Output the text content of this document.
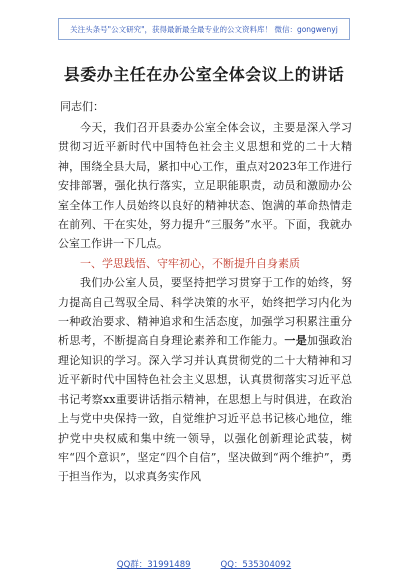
关注头条号"公文研究"，获得最新最全最专业的公文资料库！ 微信：gongwenyj
县委办主任在办公室全体会议上的讲话
同志们：

今天，我们召开县委办公室全体会议，主要是深入学习贯彻习近平新时代中国特色社会主义思想和党的二十大精神，围绕全县大局，紧扣中心工作，重点对2023年工作进行安排部署，强化执行落实，立足职能职责，动员和激励办公室全体工作人员始终以良好的精神状态、饱满的革命热情走在前列、干在实处，努力提升“三服务”水平。下面，我就办公室工作讲一下几点。

一、学思践悟、守牢初心，不断提升自身素质

我们办公室人员，要坚持把学习贯穿于工作的始终，努力提高自己驾驭全局、科学决策的水平，始终把学习内化为一种政治要求、精神追求和生活态度，加强学习积累注重分析思考，不断提高自身理论素养和工作能力。一是加强政治理论知识的学习。深入学习并认真贯彻党的二十大精神和习近平新时代中国特色社会主义思想，认真贯彻落实习近平总书记考察xx重要讲话指示精神，在思想上与时俱进，在政治上与党中央保持一致，自觉维护习近平总书记核心地位，维护党中央权威和集中统一领导，以强化创新理论武装，树牢“四个意识”，坚定“四个自信”，坚决做到“两个维护”，勇于担当作为，以求真务实作风

QQ群：31991489	QQ：535304092
